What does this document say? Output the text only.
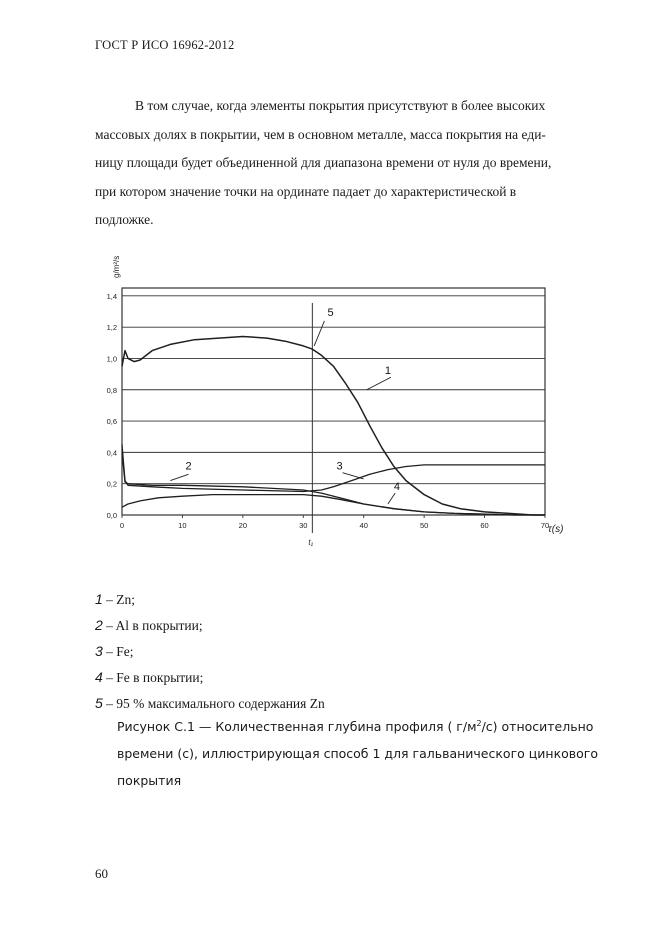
ГОСТ Р ИСО 16962-2012
В том случае, когда элементы покрытия присутствуют в более высоких
массовых долях в покрытии, чем в основном металле, масса покрытия на еди-
ницу площади будет объединенной для диапазона времени от нуля до времени,
при котором значение точки на ординате падает до характеристической в
подложке.
0,0
0,2
0,4
0,6
0,8
1,0
1,2
1,4
0	10	20	30	40	50	60	70
τ(s)
g/m²/s
t₁
1
2	3
4
5
1 – Zn;
2 – Al в покрытии;
3 – Fe;
4 – Fe в покрытии;
5 – 95 % максимального содержания Zn
Рисунок С.1 — Количественная глубина профиля ( $г/м^2/с$) относительно
времени (с), иллюстрирующая способ 1 для гальванического цинкового
покрытия
60
